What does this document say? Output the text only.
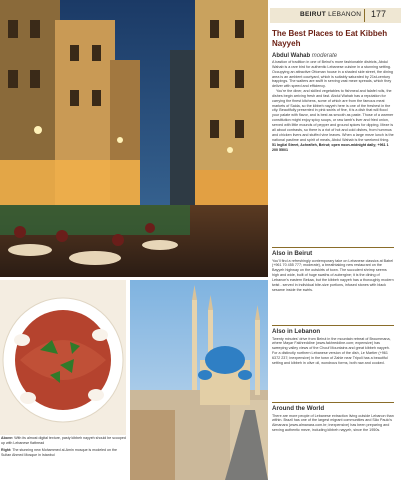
Above: With its almost digital texture, pasty kibbeh nayyeh should be scooped up with Lebanese flatbread

Right: The stunning new Mohammed al-Amin mosque is modeled on the Sultan Ahmed Mosque in Istanbul

BEIRUT LEBANON 177
The Best Places to Eat Kibbeh Nayyeh
Abdul Wahab moderate

A bastion of tradition in one of Beirut's more fashionable districts, Abdul Wahab is a rare bird for authentic Lebanese cuisine in a stunning setting. Occupying an attractive Ottoman house in a shaded side street, the dining area is an ambient courtyard, which is suitably saturated by 21st-century trappings. The waiters are swift in serving vast meze spreads, which they deliver with speed and efficiency.

You're the diner, and skilled vegetables to fishmeal and falafel rolls, the dishes begin arriving fresh and fast. Abdul Wahab has a reputation for carrying the finest kitchens, some of which are from the famous meat markets of Saida, so the kibbeh nayyeh here is one of the freshest in the city. Beautifully presented in pink swirls of fine, it is a dish that will flood your palate with flavor, and is best as smooth as paste. Those of a warmer constitution might enjoy spicy soups, or raw lamb's liver and fried onion, served with little mounds of pepper and ground spices for dipping. Meze is all about contrasts, so there is a riot of hot and cold dishes, from hummus and chicken livers and stuffed vine leaves. When a large meze lunch is the national pastime and spirit of meals, Abdul Wahab is the weekend thing.

51 Inglizi Street, Achrafieh, Beirut; open noon-midnight daily; +961 1 200 550/1

Also in Beirut

You'll find a refreshingly contemporary take on Lebanese classics at Babel (+961 70 455 777; moderate), a breathtaking new restaurant on the Bayyeh highway on the outskirts of town. The succulent shrimp seems high and wide, built of huge swaths of aubergine; it is the dining of Lebanon's eastern Bekaa, but the kibbeh nayyeh has a thoroughly modern twist - served in individual bite-size portions, infused stones with black sesame inside the swirls.

Also in Lebanon

Twenty minutes' drive from Beirut in the mountain retreat of Broummana, where Mayar Fakhreddine (www.fakhreddine.com; expensive) has sweeping valley views of the Chouf Mountains and great kibbeh nayyeh. For a distinctly northern Lebanese version of the dish, Le Martier (+961 6372 237; inexpensive) in the town of Zahle near Tripoli has a beautiful setting and kibbeh in olive oil, wondrous forms, both raw and cooked.

Around the World

There are more people of Lebanese extraction living outside Lebanon than within. Brazil has one of the largest migrant communities and São Paulo's Almanara (www.almanara.com.br; inexpensive) has been preparing and serving authentic meze, including kibbeh nayyeh, since the 1950s.
